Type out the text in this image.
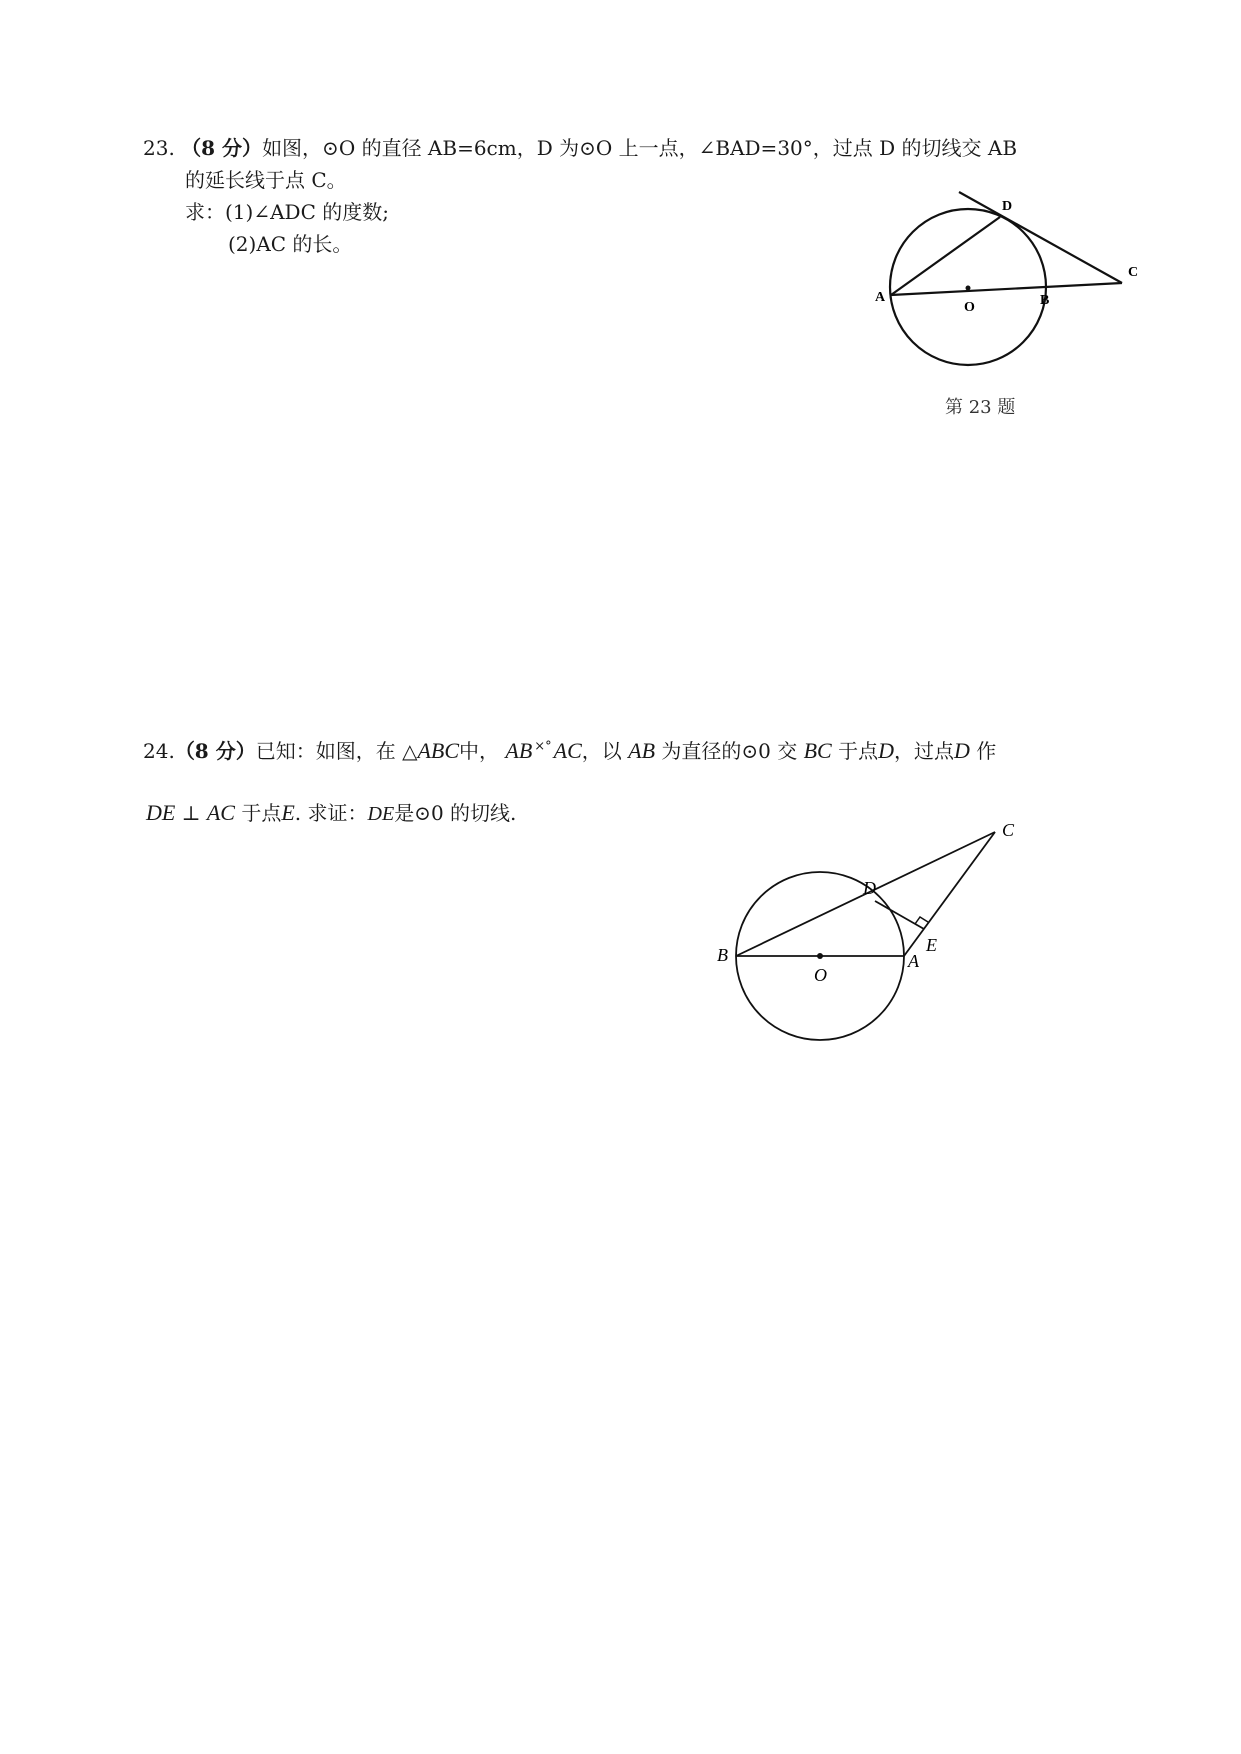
23. （8 分）如图，⊙O 的直径 AB=6cm，D 为⊙O 上一点，∠BAD=30°，过点 D 的切线交 AB
的延长线于点 C。
求：(1)∠ADC 的度数;
(2)AC 的长。
D
C
A
O	B
第 23 题
24.（8 分）已知：如图，在 △ABC中， AB ×°AC，以 AB 为直径的⊙0 交 BC 于点D，过点D 作
DE ⊥ AC 于点E. 求证：DE是⊙0 的切线.
C
D
E
B	A
O
